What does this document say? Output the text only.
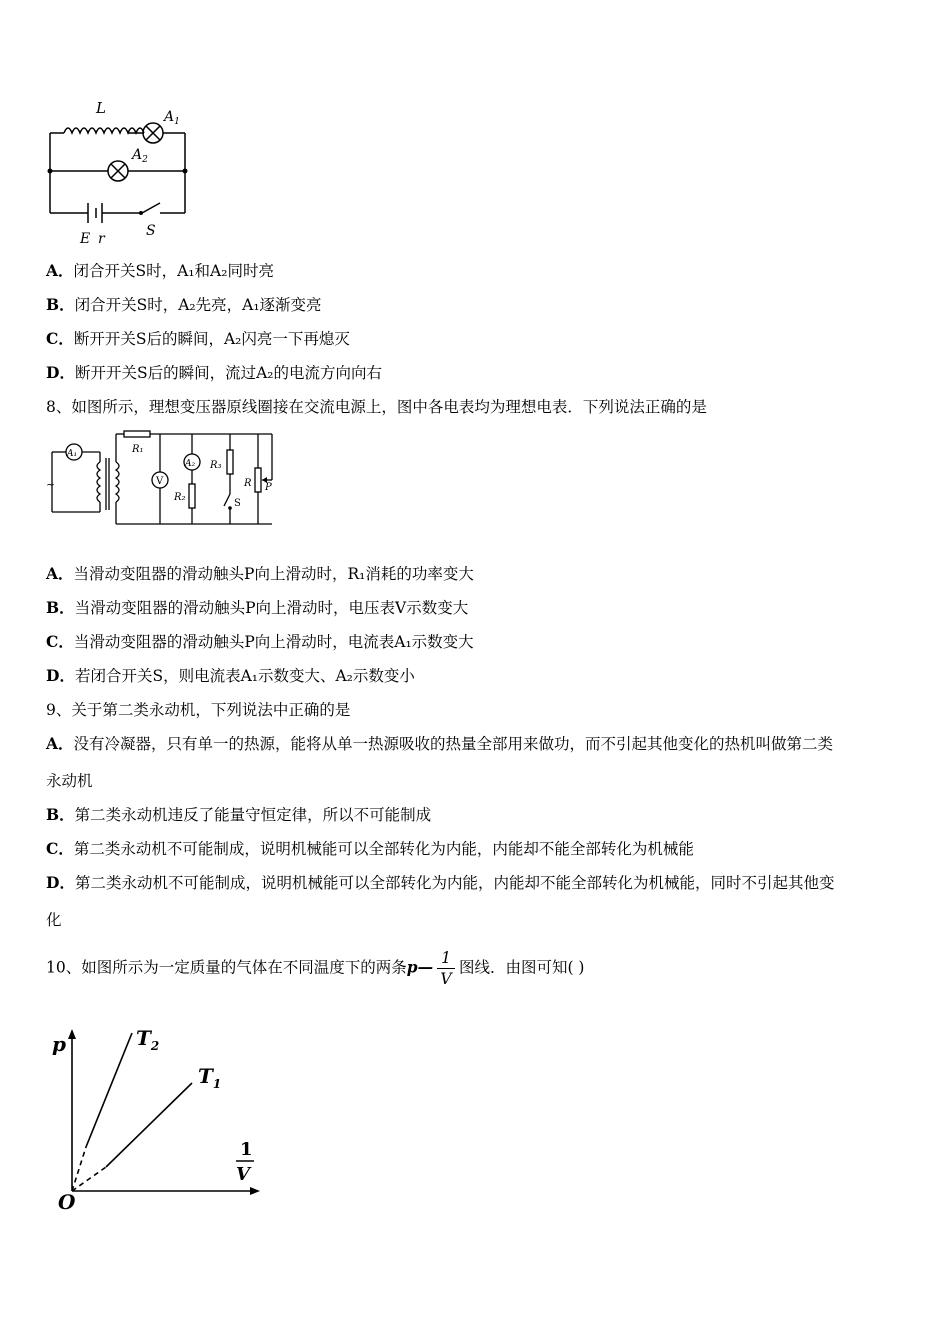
L	$A_1$
$A_2$
E r	S
A．闭合开关S时，A₁和A₂同时亮
B．闭合开关S时，A₂先亮，A₁逐渐变亮
C．断开开关S后的瞬间，A₂闪亮一下再熄灭
D．断开开关S后的瞬间，流过A₂的电流方向向右
8、如图所示，理想变压器原线圈接在交流电源上，图中各电表均为理想电表．下列说法正确的是
A₁
V
A₂
R₁
R₂
R₃
R P
S
~
A．当滑动变阻器的滑动触头P向上滑动时，R₁消耗的功率变大
B．当滑动变阻器的滑动触头P向上滑动时，电压表V示数变大
C．当滑动变阻器的滑动触头P向上滑动时，电流表A₁示数变大
D．若闭合开关S，则电流表A₁示数变大、A₂示数变小
9、关于第二类永动机，下列说法中正确的是
A．没有冷凝器，只有单一的热源，能将从单一热源吸收的热量全部用来做功，而不引起其他变化的热机叫做第二类
永动机
B．第二类永动机违反了能量守恒定律，所以不可能制成
C．第二类永动机不可能制成，说明机械能可以全部转化为内能，内能却不能全部转化为机械能
D．第二类永动机不可能制成，说明机械能可以全部转化为内能，内能却不能全部转化为机械能，同时不引起其他变
化
10、如图所示为一定质量的气体在不同温度下的两条p— $\frac{1}{V}$ 图线．由图可知( )
p	$T_2$
$T_1$
O
1
V
